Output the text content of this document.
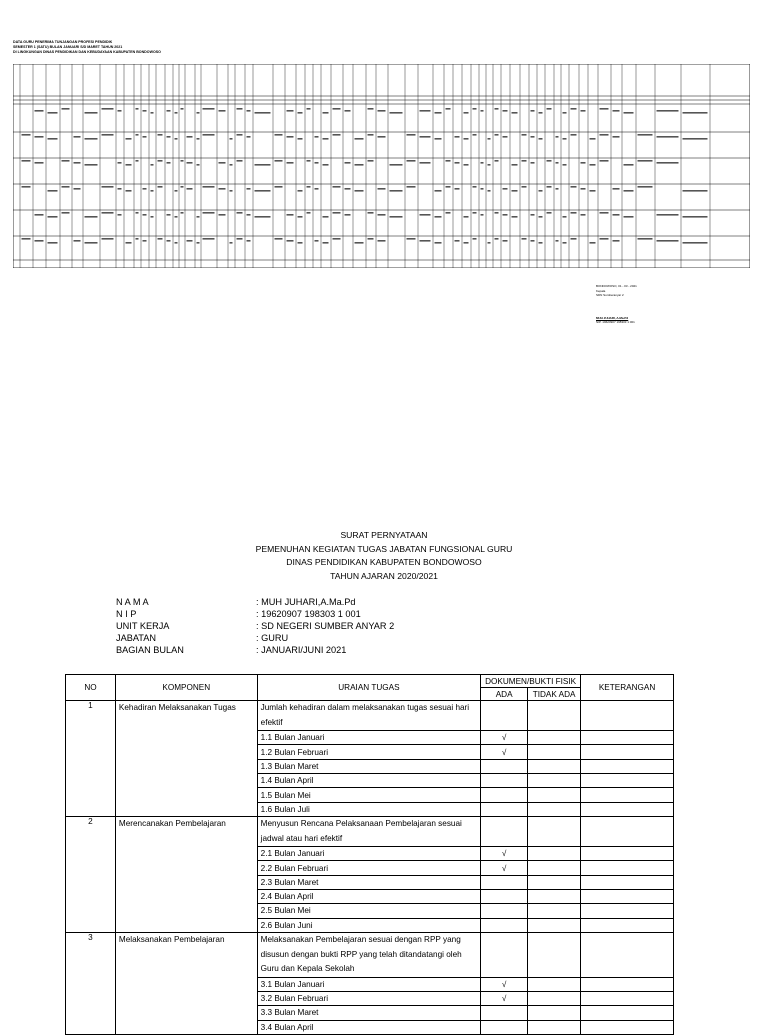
DATA GURU PENERIMA TUNJANGAN PROFESI PENDIDIK
SEMESTER 1 (SATU) BULAN JANUARI S/D MARET TAHUN 2021
DI LINGKUNGAN DINAS PENDIDIKAN DAN KEBUDAYAAN KABUPATEN BONDOWOSO
BONDOWOSO, 01 - 03 - 2021
Kepala
SDN Sumberanyar 2
MUH JUHARI, A.Ma.Pd
NIP. 19620907 198303 1 001
SURAT PERNYATAAN
PEMENUHAN KEGIATAN TUGAS JABATAN FUNGSIONAL GURU
DINAS PENDIDIKAN KABUPATEN BONDOWOSO
TAHUN AJARAN 2020/2021
N A M A	: MUH JUHARI,A.Ma.Pd
N I P	: 19620907 198303 1 001
UNIT KERJA	: SD NEGERI SUMBER ANYAR 2
JABATAN	: GURU
BAGIAN BULAN	: JANUARI/JUNI 2021
NO	KOMPONEN	URAIAN TUGAS	DOKUMEN/BUKTI FISIK		KETERANGAN
			ADA	TIDAK ADA	
1	Kehadiran Melaksanakan Tugas	Jumlah kehadiran dalam melaksanakan tugas sesuai hari efektif			
		1.1 Bulan Januari	√		
		1.2 Bulan Februari	√		
		1.3 Bulan Maret			
		1.4 Bulan April			
		1.5 Bulan Mei			
		1.6 Bulan Juli			
2	Merencanakan Pembelajaran	Menyusun Rencana Pelaksanaan Pembelajaran sesuai jadwal atau hari efektif			
		2.1 Bulan Januari	√		
		2.2 Bulan Februari	√		
		2.3 Bulan Maret			
		2.4 Bulan April			
		2.5 Bulan Mei			
		2.6 Bulan Juni			
3	Melaksanakan Pembelajaran	Melaksanakan Pembelajaran sesuai dengan RPP yang disusun dengan bukti RPP yang telah ditandatangi oleh Guru dan Kepala Sekolah			
		3.1 Bulan Januari	√		
		3.2 Bulan Februari	√		
		3.3 Bulan Maret			
		3.4 Bulan April			
